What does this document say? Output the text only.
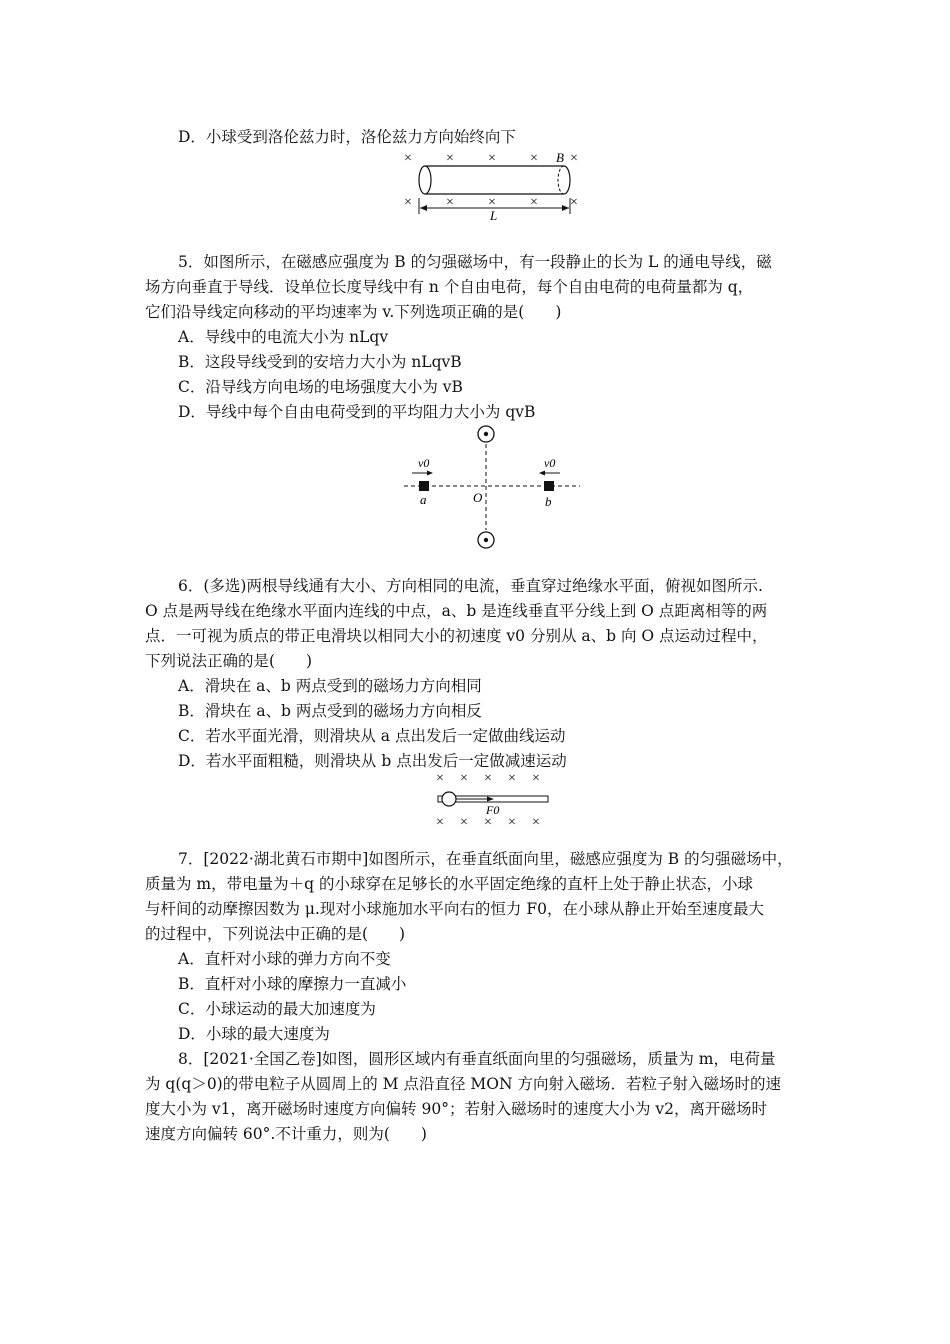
D．小球受到洛伦兹力时，洛伦兹力方向始终向下
× × × × ×
× × × × ×
B
L
5．如图所示，在磁感应强度为 B 的匀强磁场中，有一段静止的长为 L 的通电导线，磁
场方向垂直于导线．设单位长度导线中有 n 个自由电荷，每个自由电荷的电荷量都为 q，
它们沿导线定向移动的平均速率为 v.下列选项正确的是(　　)
A．导线中的电流大小为 nLqv
B．这段导线受到的安培力大小为 nLqvB
C．沿导线方向电场的电场强度大小为 vB
D．导线中每个自由电荷受到的平均阻力大小为 qvB
v0	v0
a	O	b
6．(多选)两根导线通有大小、方向相同的电流，垂直穿过绝缘水平面，俯视如图所示.
O 点是两导线在绝缘水平面内连线的中点，a、b 是连线垂直平分线上到 O 点距离相等的两
点．一可视为质点的带正电滑块以相同大小的初速度 v0 分别从 a、b 向 O 点运动过程中，
下列说法正确的是(　　)
A．滑块在 a、b 两点受到的磁场力方向相同
B．滑块在 a、b 两点受到的磁场力方向相反
C．若水平面光滑，则滑块从 a 点出发后一定做曲线运动
D．若水平面粗糙，则滑块从 b 点出发后一定做减速运动
× × × × ×
× × × × ×
F0
7．[2022·湖北黄石市期中]如图所示，在垂直纸面向里，磁感应强度为 B 的匀强磁场中，
质量为 m，带电量为＋q 的小球穿在足够长的水平固定绝缘的直杆上处于静止状态，小球
与杆间的动摩擦因数为 μ.现对小球施加水平向右的恒力 F0，在小球从静止开始至速度最大
的过程中，下列说法中正确的是(　　)
A．直杆对小球的弹力方向不变
B．直杆对小球的摩擦力一直减小
C．小球运动的最大加速度为
D．小球的最大速度为
8．[2021·全国乙卷]如图，圆形区域内有垂直纸面向里的匀强磁场，质量为 m，电荷量
为 q(q＞0)的带电粒子从圆周上的 M 点沿直径 MON 方向射入磁场．若粒子射入磁场时的速
度大小为 v1，离开磁场时速度方向偏转 90°；若射入磁场时的速度大小为 v2，离开磁场时
速度方向偏转 60°.不计重力，则为(　　)
